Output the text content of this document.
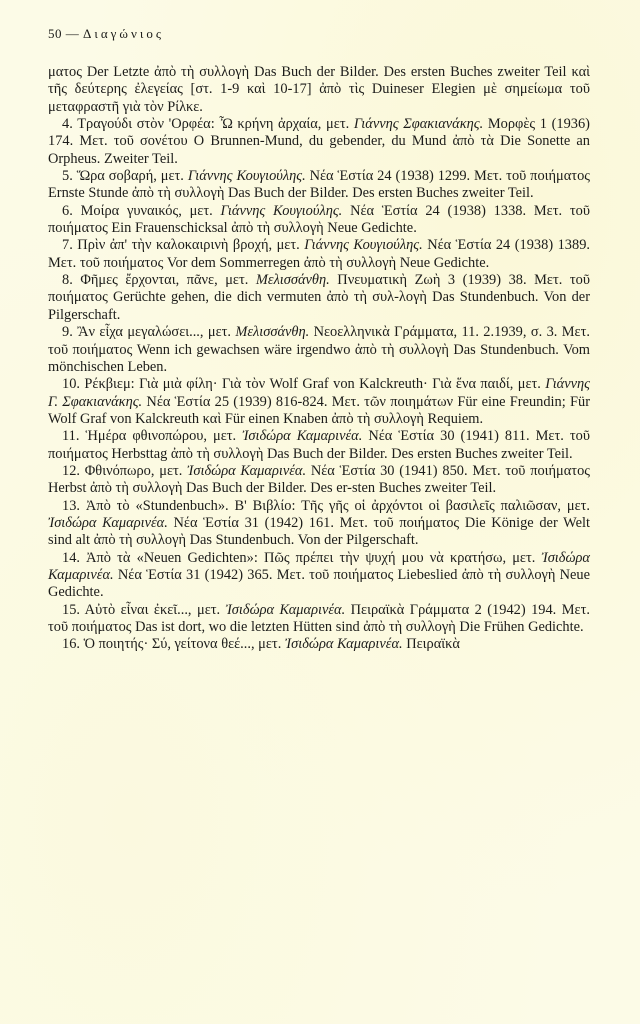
50 — Διαγώνιος

ματος Der Letzte ἀπὸ τὴ συλλογὴ Das Buch der Bilder. Des ersten Buches zweiter Teil καὶ τῆς δεύτερης ἐλεγείας [στ. 1-9 καὶ 10-17] ἀπὸ τὶς Duineser Elegien μὲ σημείωμα τοῦ μεταφραστῆ γιὰ τὸν Ρίλκε.

4. Τραγούδι στὸν 'Ορφέα: Ὦ κρήνη ἀρχαία, μετ. Γιάννης Σφακιανάκης. Μορφὲς 1 (1936) 174. Μετ. τοῦ σονέτου O Brunnen-Mund, du gebender, du Mund ἀπὸ τὰ Die Sonette an Orpheus. Zweiter Teil.

5. Ὥρα σοβαρή, μετ. Γιάννης Κουγιούλης. Νέα Ἑστία 24 (1938) 1299. Μετ. τοῦ ποιήματος Ernste Stunde ἀπὸ τὴ συλλογὴ Das Buch der Bilder. Des ersten Buches zweiter Teil.

6. Μοίρα γυναικός, μετ. Γιάννης Κουγιούλης. Νέα Ἑστία 24 (1938) 1338. Μετ. τοῦ ποιήματος Ein Frauenschicksal ἀπὸ τὴ συλλογὴ Neue Gedichte.

7. Πρὶν ἀπ' τὴν καλοκαιρινὴ βροχή, μετ. Γιάννης Κουγιούλης. Νέα Ἑστία 24 (1938) 1389. Μετ. τοῦ ποιήματος Vor dem Sommerregen ἀπὸ τὴ συλλογὴ Neue Gedichte.

8. Φῆμες ἔρχονται, πᾶνε, μετ. Μελισσάνθη. Πνευματικὴ Ζωὴ 3 (1939) 38. Μετ. τοῦ ποιήματος Gerüchte gehen, die dich vermuten ἀπὸ τὴ συλ-λογὴ Das Stundenbuch. Von der Pilgerschaft.

9. Ἂν εἶχα μεγαλώσει..., μετ. Μελισσάνθη. Νεοελληνικὰ Γράμματα, 11. 2.1939, σ. 3. Μετ. τοῦ ποιήματος Wenn ich gewachsen wäre irgendwo ἀπὸ τὴ συλλογὴ Das Stundenbuch. Vom mönchischen Leben.

10. Ρέκβιεμ: Γιὰ μιὰ φίλη· Γιὰ τὸν Wolf Graf von Kalckreuth· Γιὰ ἕνα παιδί, μετ. Γιάννης Γ. Σφακιανάκης. Νέα Ἑστία 25 (1939) 816-824. Μετ. τῶν ποιημάτων Für eine Freundin; Für Wolf Graf von Kalckreuth καὶ Für einen Knaben ἀπὸ τὴ συλλογὴ Requiem.

11. Ἡμέρα φθινοπώρου, μετ. Ἰσιδώρα Καμαρινέα. Νέα Ἑστία 30 (1941) 811. Μετ. τοῦ ποιήματος Herbsttag ἀπὸ τὴ συλλογὴ Das Buch der Bilder. Des ersten Buches zweiter Teil.

12. Φθινόπωρο, μετ. Ἰσιδώρα Καμαρινέα. Νέα Ἑστία 30 (1941) 850. Μετ. τοῦ ποιήματος Herbst ἀπὸ τὴ συλλογὴ Das Buch der Bilder. Des er-sten Buches zweiter Teil.

13. Ἀπὸ τὸ «Stundenbuch». Β' Βιβλίο: Τῆς γῆς οἱ ἀρχόντοι οἱ βασιλεῖς παλιῶσαν, μετ. Ἰσιδώρα Καμαρινέα. Νέα Ἑστία 31 (1942) 161. Μετ. τοῦ ποιήματος Die Könige der Welt sind alt ἀπὸ τὴ συλλογὴ Das Stundenbuch. Von der Pilgerschaft.

14. Ἀπὸ τὰ «Neuen Gedichten»: Πῶς πρέπει τὴν ψυχή μου νὰ κρατήσω, μετ. Ἰσιδώρα Καμαρινέα. Νέα Ἑστία 31 (1942) 365. Μετ. τοῦ ποιήματος Liebeslied ἀπὸ τὴ συλλογὴ Neue Gedichte.

15. Αὐτὸ εἶναι ἐκεῖ..., μετ. Ἰσιδώρα Καμαρινέα. Πειραϊκὰ Γράμματα 2 (1942) 194. Μετ. τοῦ ποιήματος Das ist dort, wo die letzten Hütten sind ἀπὸ τὴ συλλογὴ Die Frühen Gedichte.

16. Ὁ ποιητής· Σύ, γείτονα θεέ..., μετ. Ἰσιδώρα Καμαρινέα. Πειραϊκὰ
